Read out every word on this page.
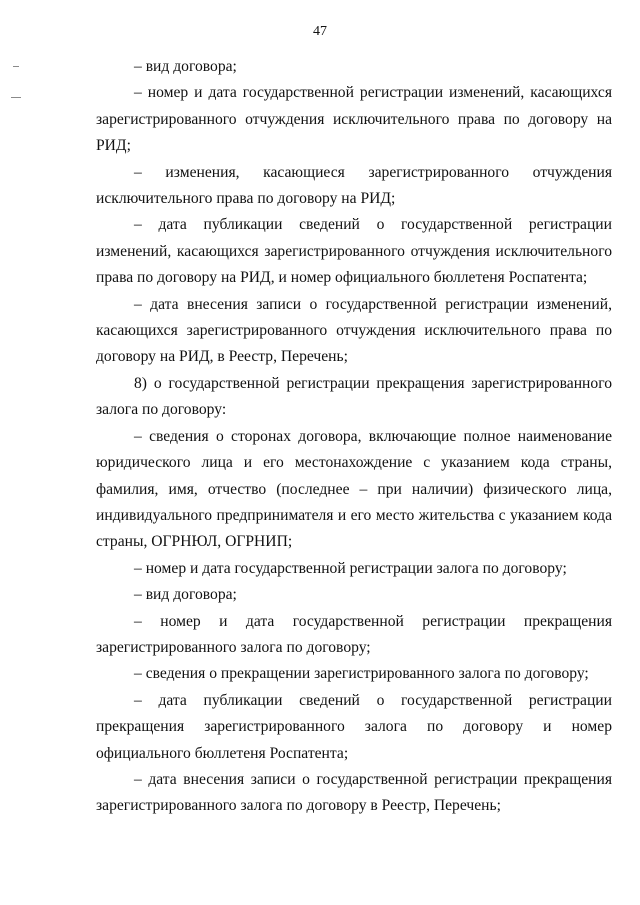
47

– вид договора;

– номер и дата государственной регистрации изменений, касающихся зарегистрированного отчуждения исключительного права по договору на РИД;

– изменения, касающиеся зарегистрированного отчуждения исключительного права по договору на РИД;

– дата публикации сведений о государственной регистрации изменений, касающихся зарегистрированного отчуждения исключительного права по договору на РИД, и номер официального бюллетеня Роспатента;

– дата внесения записи о государственной регистрации изменений, касающихся зарегистрированного отчуждения исключительного права по договору на РИД, в Реестр, Перечень;

8) о государственной регистрации прекращения зарегистрированного залога по договору:

– сведения о сторонах договора, включающие полное наименование юридического лица и его местонахождение с указанием кода страны, фамилия, имя, отчество (последнее – при наличии) физического лица, индивидуального предпринимателя и его место жительства с указанием кода страны, ОГРНЮЛ, ОГРНИП;

– номер и дата государственной регистрации залога по договору;

– вид договора;

– номер и дата государственной регистрации прекращения зарегистрированного залога по договору;

– сведения о прекращении зарегистрированного залога по договору;

– дата публикации сведений о государственной регистрации прекращения зарегистрированного залога по договору и номер официального бюллетеня Роспатента;

– дата внесения записи о государственной регистрации прекращения зарегистрированного залога по договору в Реестр, Перечень;
